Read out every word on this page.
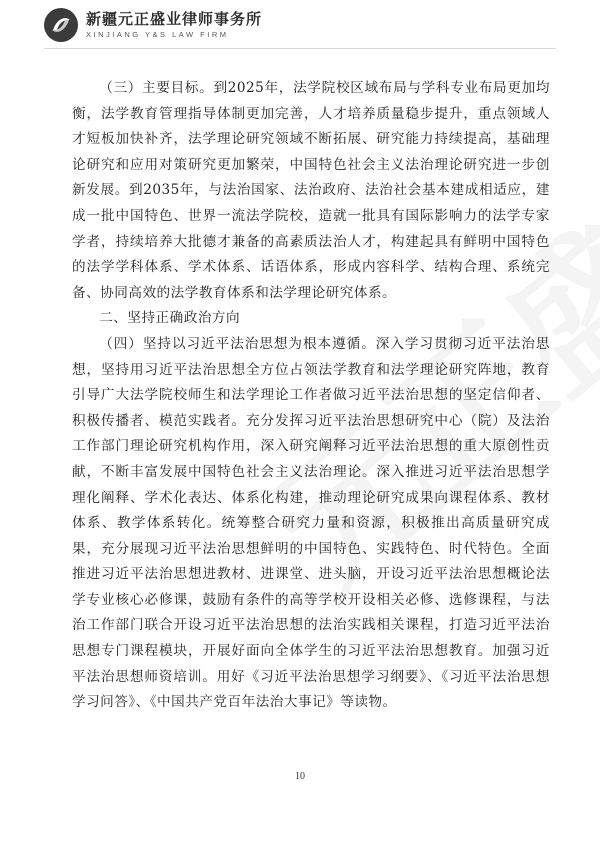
新疆元正盛业律师事务所
XINJIANG Y&S LAW FIRM

（三）主要目标。到2025年，法学院校区域布局与学科专业布局更加均衡，法学教育管理指导体制更加完善，人才培养质量稳步提升，重点领域人才短板加快补齐，法学理论研究领域不断拓展、研究能力持续提高，基础理论研究和应用对策研究更加繁荣，中国特色社会主义法治理论研究进一步创新发展。到2035年，与法治国家、法治政府、法治社会基本建成相适应，建成一批中国特色、世界一流法学院校，造就一批具有国际影响力的法学专家学者，持续培养大批德才兼备的高素质法治人才，构建起具有鲜明中国特色的法学学科体系、学术体系、话语体系，形成内容科学、结构合理、系统完备、协同高效的法学教育体系和法学理论研究体系。

二、坚持正确政治方向

（四）坚持以习近平法治思想为根本遵循。深入学习贯彻习近平法治思想，坚持用习近平法治思想全方位占领法学教育和法学理论研究阵地，教育引导广大法学院校师生和法学理论工作者做习近平法治思想的坚定信仰者、积极传播者、模范实践者。充分发挥习近平法治思想研究中心（院）及法治工作部门理论研究机构作用，深入研究阐释习近平法治思想的重大原创性贡献，不断丰富发展中国特色社会主义法治理论。深入推进习近平法治思想学理化阐释、学术化表达、体系化构建，推动理论研究成果向课程体系、教材体系、教学体系转化。统筹整合研究力量和资源，积极推出高质量研究成果，充分展现习近平法治思想鲜明的中国特色、实践特色、时代特色。全面推进习近平法治思想进教材、进课堂、进头脑，开设习近平法治思想概论法学专业核心必修课，鼓励有条件的高等学校开设相关必修、选修课程，与法治工作部门联合开设习近平法治思想的法治实践相关课程，打造习近平法治思想专门课程模块，开展好面向全体学生的习近平法治思想教育。加强习近平法治思想师资培训。用好《习近平法治思想学习纲要》、《习近平法治思想学习问答》、《中国共产党百年法治大事记》等读物。

10
